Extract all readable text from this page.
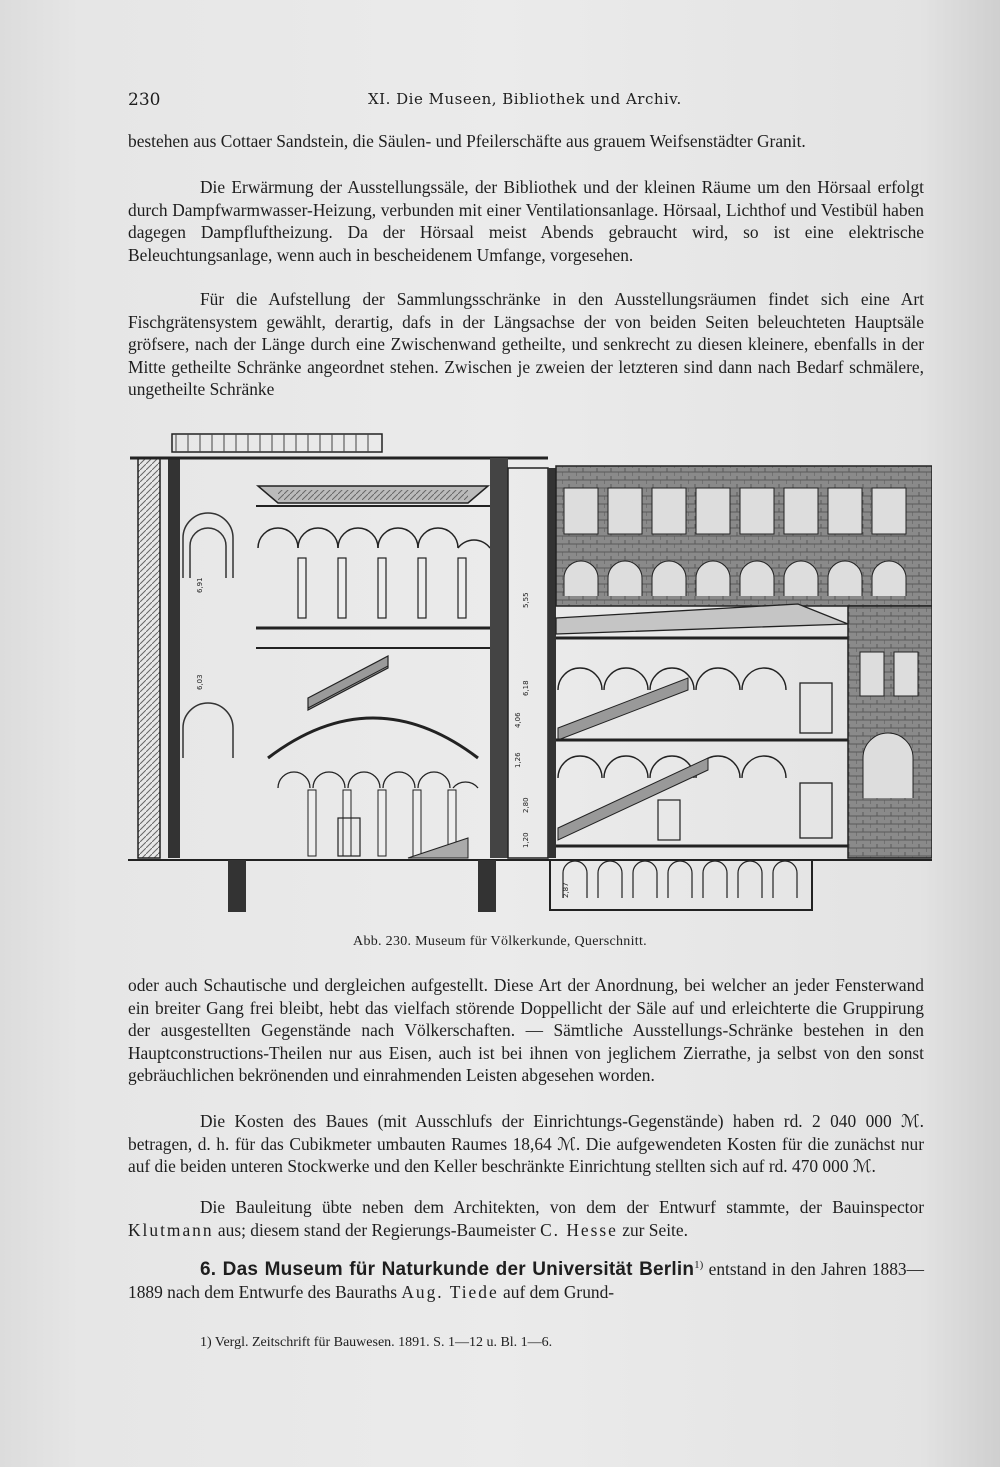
230	XI. Die Museen, Bibliothek und Archiv.

bestehen aus Cottaer Sandstein, die Säulen- und Pfeilerschäfte aus grauem Weifsenstädter Granit.

Die Erwärmung der Ausstellungssäle, der Bibliothek und der kleinen Räume um den Hörsaal erfolgt durch Dampfwarmwasser-Heizung, verbunden mit einer Ventilationsanlage. Hörsaal, Lichthof und Vestibül haben dagegen Dampfluftheizung. Da der Hörsaal meist Abends gebraucht wird, so ist eine elektrische Beleuchtungsanlage, wenn auch in bescheidenem Umfange, vorgesehen.

Für die Aufstellung der Sammlungsschränke in den Ausstellungsräumen findet sich eine Art Fischgrätensystem gewählt, derartig, dafs in der Längsachse der von beiden Seiten beleuchteten Hauptsäle gröfsere, nach der Länge durch eine Zwischenwand getheilte, und senkrecht zu diesen kleinere, ebenfalls in der Mitte getheilte Schränke angeordnet stehen. Zwischen je zweien der letzteren sind dann nach Bedarf schmälere, ungetheilte Schränke

6,91
6,03
5,55
6,18
4,06
1,26
2,80
2,87
1,20
Abb. 230. Museum für Völkerkunde, Querschnitt.

oder auch Schautische und dergleichen aufgestellt. Diese Art der Anordnung, bei welcher an jeder Fensterwand ein breiter Gang frei bleibt, hebt das vielfach störende Doppellicht der Säle auf und erleichterte die Gruppirung der ausgestellten Gegenstände nach Völkerschaften. — Sämtliche Ausstellungs-Schränke bestehen in den Hauptconstructions-Theilen nur aus Eisen, auch ist bei ihnen von jeglichem Zierrathe, ja selbst von den sonst gebräuchlichen bekrönenden und einrahmenden Leisten abgesehen worden.

Die Kosten des Baues (mit Ausschlufs der Einrichtungs-Gegenstände) haben rd. 2 040 000 ℳ. betragen, d. h. für das Cubikmeter umbauten Raumes 18,64 ℳ. Die aufgewendeten Kosten für die zunächst nur auf die beiden unteren Stockwerke und den Keller beschränkte Einrichtung stellten sich auf rd. 470 000 ℳ.

Die Bauleitung übte neben dem Architekten, von dem der Entwurf stammte, der Bauinspector Klutmann aus; diesem stand der Regierungs-Baumeister C. Hesse zur Seite.

6. Das Museum für Naturkunde der Universität Berlin$^{1)}$ entstand in den Jahren 1883—1889 nach dem Entwurfe des Bauraths Aug. Tiede auf dem Grund-

1) Vergl. Zeitschrift für Bauwesen. 1891. S. 1—12 u. Bl. 1—6.
